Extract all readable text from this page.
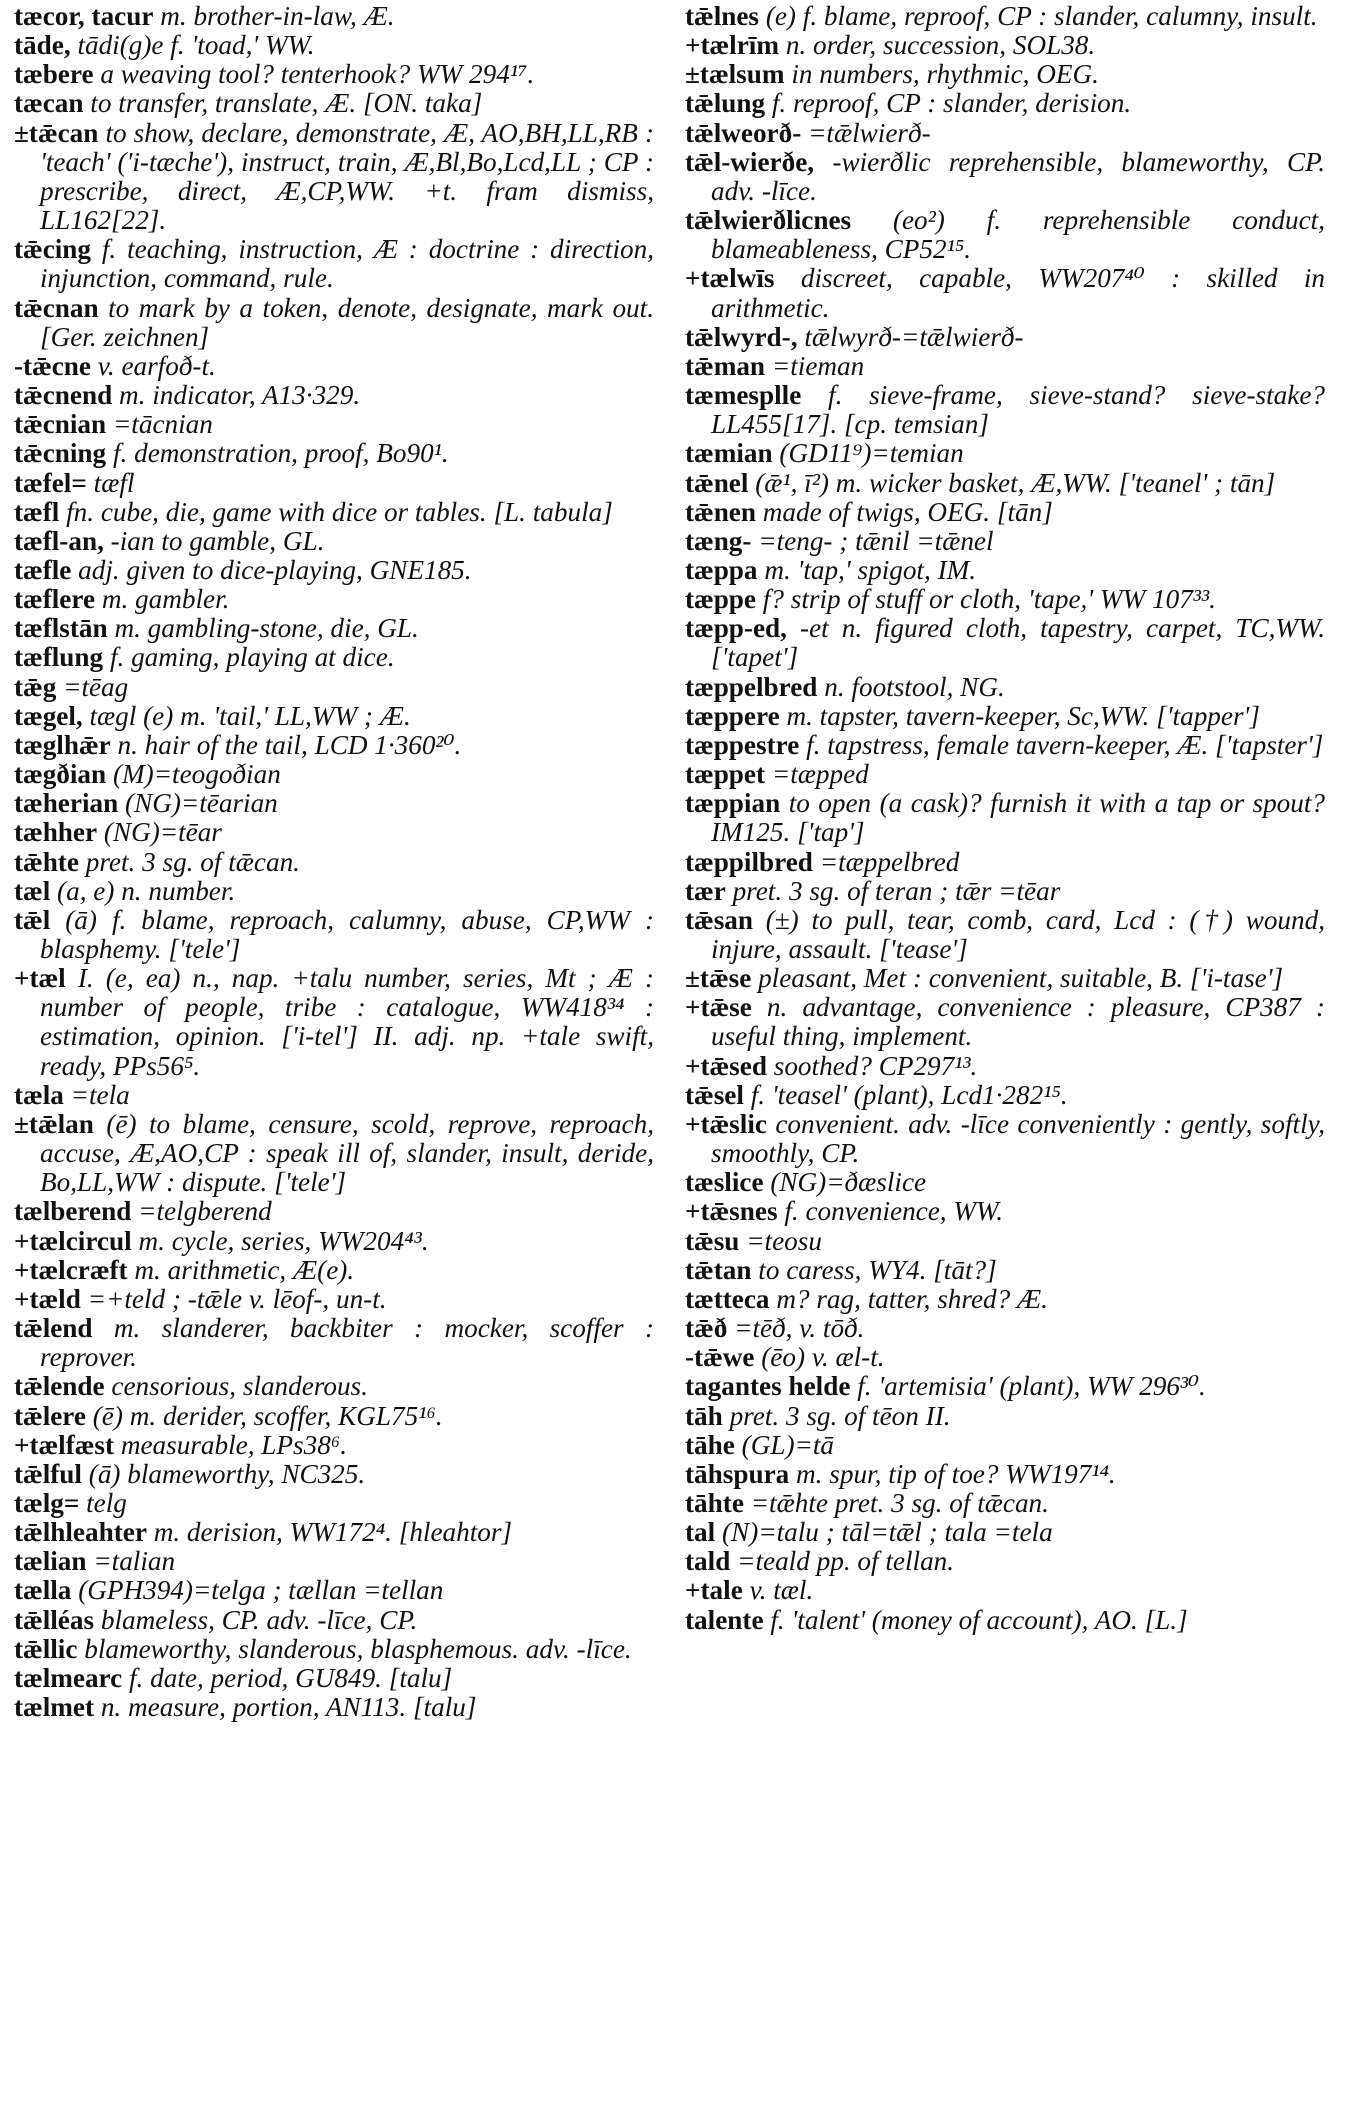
tæcor, tacur m. brother-in-law, Æ.

tāde, tādi(g)e f. 'toad,' WW.

tæbere a weaving tool? tenterhook? WW 294¹⁷.

tæcan to transfer, translate, Æ. [ON. taka]

±tǣcan to show, declare, demonstrate, Æ, AO,BH,LL,RB : 'teach' ('i-tæche'), instruct, train, Æ,Bl,Bo,Lcd,LL ; CP : prescribe, direct, Æ,CP,WW. +t. fram dismiss, LL162[22].

tǣcing f. teaching, instruction, Æ : doctrine : direction, injunction, command, rule.

tǣcnan to mark by a token, denote, designate, mark out. [Ger. zeichnen]

-tǣcne v. earfoð-t.

tǣcnend m. indicator, A13·329.

tǣcnian =tācnian

tǣcning f. demonstration, proof, Bo90¹.

tæfel= tæfl

tæfl fn. cube, die, game with dice or tables. [L. tabula]

tæfl-an, -ian to gamble, GL.

tæfle adj. given to dice-playing, GNE185.

tæflere m. gambler.

tæflstān m. gambling-stone, die, GL.

tæflung f. gaming, playing at dice.

tǣg =tēag

tægel, tægl (e) m. 'tail,' LL,WW ; Æ.

tæglhǣr n. hair of the tail, LCD 1·360²⁰.

tægðian (M)=teogoðian

tæherian (NG)=tēarian

tæhher (NG)=tēar

tǣhte pret. 3 sg. of tǣcan.

tæl (a, e) n. number.

tǣl (ā) f. blame, reproach, calumny, abuse, CP,WW : blasphemy. ['tele']

+tæl I. (e, ea) n., nap. +talu number, series, Mt ; Æ : number of people, tribe : catalogue, WW418³⁴ : estimation, opinion. ['i-tel'] II. adj. np. +tale swift, ready, PPs56⁵.

tæla =tela

±tǣlan (ē) to blame, censure, scold, reprove, reproach, accuse, Æ,AO,CP : speak ill of, slander, insult, deride, Bo,LL,WW : dispute. ['tele']

tælberend =telgberend

+tælcircul m. cycle, series, WW204⁴³.

+tælcræft m. arithmetic, Æ(e).

+tæld =+teld ; -tǣle v. lēof-, un-t.

tǣlend m. slanderer, backbiter : mocker, scoffer : reprover.

tǣlende censorious, slanderous.

tǣlere (ē) m. derider, scoffer, KGL75¹⁶.

+tælfæst measurable, LPs38⁶.

tǣlful (ā) blameworthy, NC325.

tælg= telg

tǣlhleahter m. derision, WW172⁴. [hleahtor]

tælian =talian

tælla (GPH394)=telga ; tællan =tellan

tǣlléas blameless, CP. adv. -līce, CP.

tǣllic blameworthy, slanderous, blasphemous. adv. -līce.

tælmearc f. date, period, GU849. [talu]

tælmet n. measure, portion, AN113. [talu]

tǣlnes (e) f. blame, reproof, CP : slander, calumny, insult.

+tælrīm n. order, succession, SOL38.

±tælsum in numbers, rhythmic, OEG.

tǣlung f. reproof, CP : slander, derision.

tǣlweorð- =tǣlwierð-

tǣl-wierðe, -wierðlic reprehensible, blameworthy, CP. adv. -līce.

tǣlwierðlicnes (eo²) f. reprehensible conduct, blameableness, CP52¹⁵.

+tælwīs discreet, capable, WW207⁴⁰ : skilled in arithmetic.

tǣlwyrd-, tǣlwyrð-=tǣlwierð-

tǣman =tieman

tæmesplle f. sieve-frame, sieve-stand? sieve-stake? LL455[17]. [cp. temsian]

tæmian (GD11⁹)=temian

tǣnel (ǣ¹, ī²) m. wicker basket, Æ,WW. ['teanel' ; tān]

tǣnen made of twigs, OEG. [tān]

tæng- =teng- ; tǣnil =tǣnel

tæppa m. 'tap,' spigot, IM.

tæppe f? strip of stuff or cloth, 'tape,' WW 107³³.

tæpp-ed, -et n. figured cloth, tapestry, carpet, TC,WW. ['tapet']

tæppelbred n. footstool, NG.

tæppere m. tapster, tavern-keeper, Sc,WW. ['tapper']

tæppestre f. tapstress, female tavern-keeper, Æ. ['tapster']

tæppet =tæpped

tæppian to open (a cask)? furnish it with a tap or spout? IM125. ['tap']

tæppilbred =tæppelbred

tær pret. 3 sg. of teran ; tǣr =tēar

tǣsan (±) to pull, tear, comb, card, Lcd : (†) wound, injure, assault. ['tease']

±tǣse pleasant, Met : convenient, suitable, B. ['i-tase']

+tǣse n. advantage, convenience : pleasure, CP387 : useful thing, implement.

+tǣsed soothed? CP297¹³.

tǣsel f. 'teasel' (plant), Lcd1·282¹⁵.

+tǣslic convenient. adv. -līce conveniently : gently, softly, smoothly, CP.

tæslice (NG)=ðæslice

+tǣsnes f. convenience, WW.

tǣsu =teosu

tǣtan to caress, WY4. [tāt?]

tætteca m? rag, tatter, shred? Æ.

tǣð =tēð, v. tōð.

-tǣwe (ēo) v. æl-t.

tagantes helde f. 'artemisia' (plant), WW 296³⁰.

tāh pret. 3 sg. of tēon II.

tāhe (GL)=tā

tāhspura m. spur, tip of toe? WW197¹⁴.

tāhte =tǣhte pret. 3 sg. of tǣcan.

tal (N)=talu ; tāl=tǣl ; tala =tela

tald =teald pp. of tellan.

+tale v. tæl.

talente f. 'talent' (money of account), AO. [L.]
